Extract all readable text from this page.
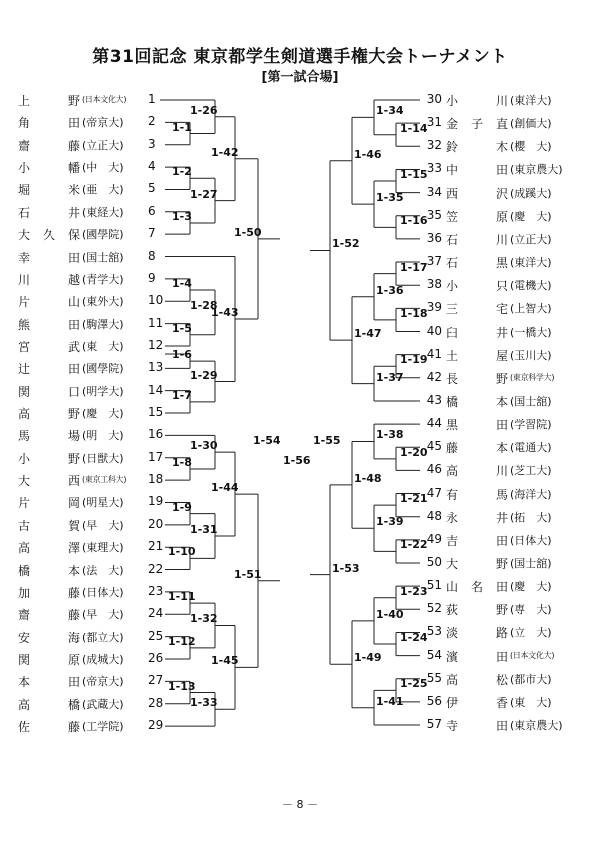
第31回記念 東京都学生剣道選手権大会トーナメント
[第一試合場]
－ 8 －
上野 (日本文化大) 1
角田 (帝京大) 2
齋藤 (立正大) 3
小幡 (中　大) 4
堀米 (亜　大) 5
石井 (東経大) 6
大久保 (國學院) 7
幸田 (国士舘) 8
川越 (青学大) 9
片山 (東外大) 10
熊田 (駒澤大) 11
宮武 (東　大) 12
辻田 (國學院) 13
関口 (明学大) 14
高野 (慶　大) 15
馬場 (明　大) 16
小野 (日獣大) 17
大西 (東京工科大) 18
片岡 (明星大) 19
古賀 (早　大) 20
高澤 (東理大) 21
橋本 (法　大) 22
加藤 (日体大) 23
齋藤 (早　大) 24
安海 (都立大) 25
関原 (成城大) 26
本田 (帝京大) 27
高橋 (武蔵大) 28
佐藤 (工学院) 29
小川 (東洋大)
30
金子直 (創価大)
31
鈴木 (櫻　大)
32
中田 (東京農大)
33
西沢 (成蹊大)
34
笠原 (慶　大)
35
石川 (立正大)
36
石黒 (東洋大)
37
小只 (電機大)
38
三宅 (上智大)
39
臼井 (一橋大)
40
土屋 (玉川大)
41
長野 (東京科学大)
42
橋本 (国士舘)
43
黒田 (学習院)
44
藤本 (電通大)
45
高川 (芝工大)
46
有馬 (海洋大)
47
永井 (拓　大)
48
吉田 (日体大)
49
大野 (国士舘)
50
山名田 (慶　大)
51
荻野 (専　大)
52
淡路 (立　大)
53
濱田 (日本文化大)
54
高松 (都市大)
55
伊香 (東　大)
56
寺田 (東京農大)
57
1-1
1-26
1-2
1-3
1-27
1-42
1-4
1-5
1-28
1-6
1-7
1-29
1-43
1-50
1-8
1-30
1-9
1-10
1-31
1-44
1-11
1-12
1-32
1-13
1-33
1-45
1-51
1-14
1-34
1-15
1-16
1-35
1-46
1-17
1-18
1-36
1-19
1-37
1-47
1-52
1-20
1-38
1-21
1-22
1-39
1-48
1-23
1-24
1-40
1-25
1-41
1-49
1-53
1-54	1-55
1-56
